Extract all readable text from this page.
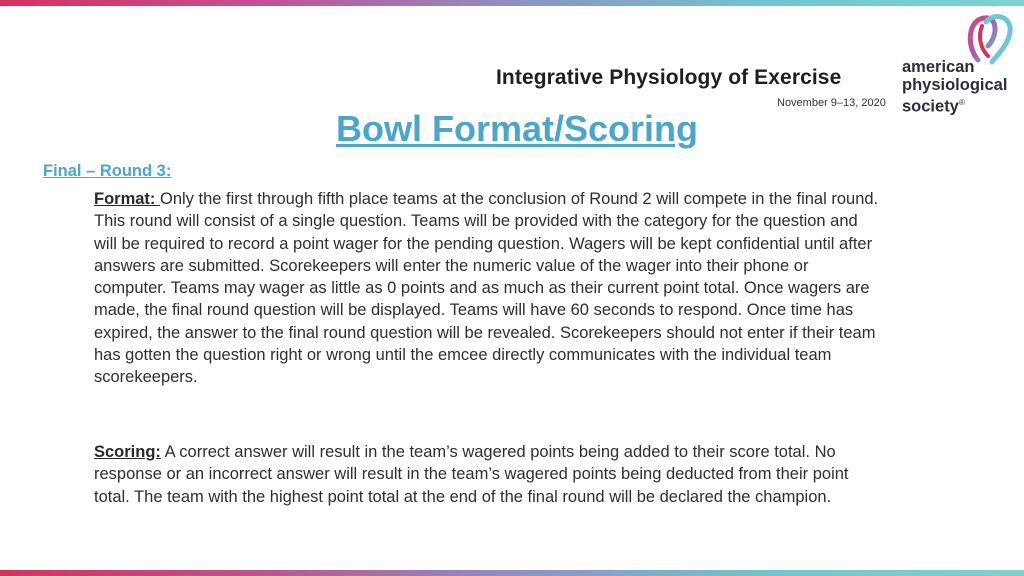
Integrative Physiology of Exercise
November 9–13, 2020
american
physiological
society®
Bowl Format/Scoring
Final – Round 3:
Format: Only the first through fifth place teams at the conclusion of Round 2 will compete in the final round. This round will consist of a single question. Teams will be provided with the category for the question and will be required to record a point wager for the pending question. Wagers will be kept confidential until after answers are submitted. Scorekeepers will enter the numeric value of the wager into their phone or computer. Teams may wager as little as 0 points and as much as their current point total. Once wagers are made, the final round question will be displayed. Teams will have 60 seconds to respond. Once time has expired, the answer to the final round question will be revealed. Scorekeepers should not enter if their team has gotten the question right or wrong until the emcee directly communicates with the individual team scorekeepers.
Scoring: A correct answer will result in the team’s wagered points being added to their score total. No response or an incorrect answer will result in the team’s wagered points being deducted from their point total. The team with the highest point total at the end of the final round will be declared the champion.
